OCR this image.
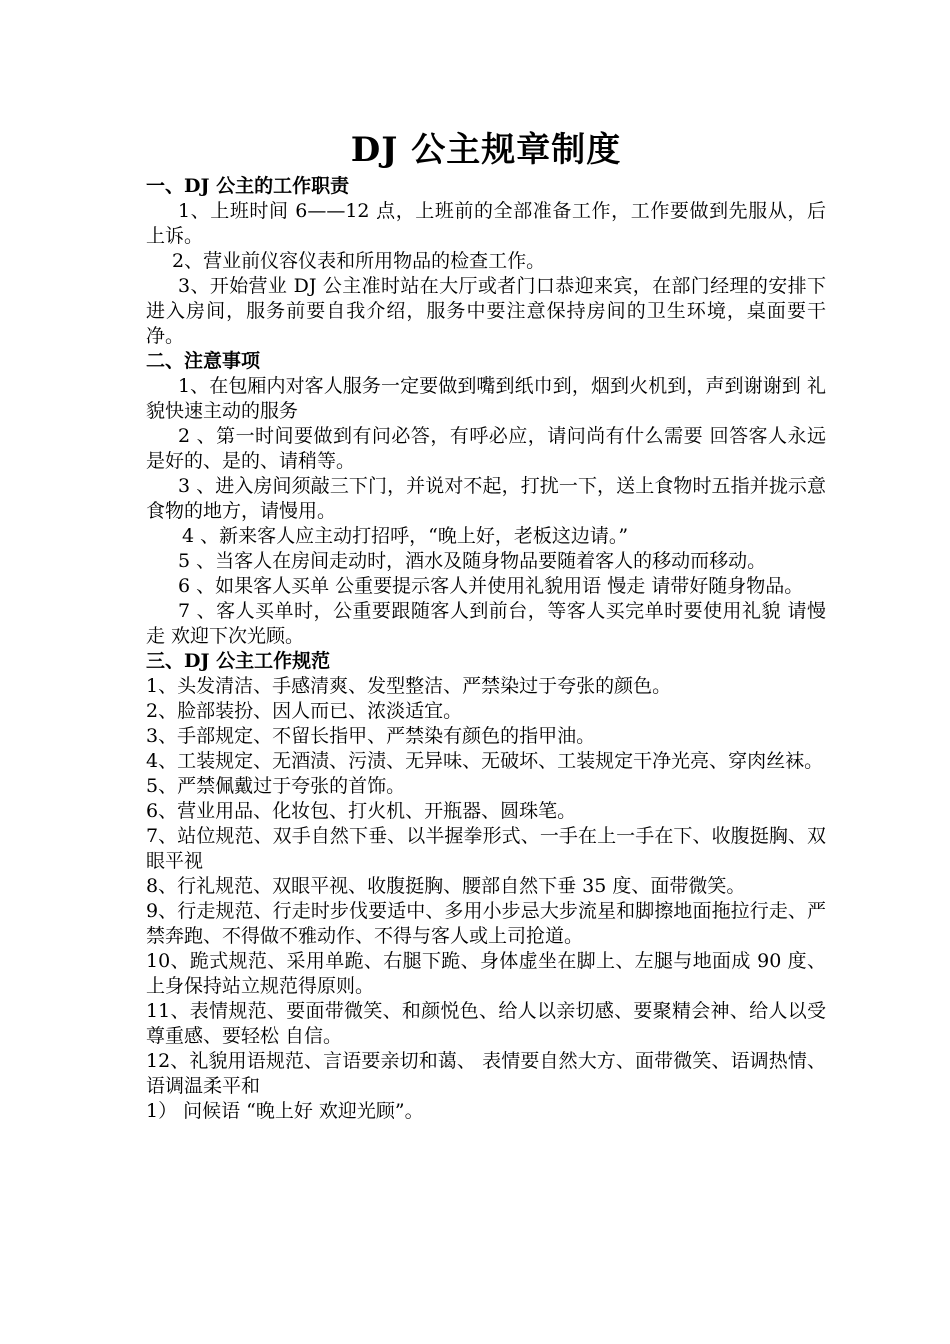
DJ 公主规章制度

一、DJ 公主的工作职责

1、上班时间 6——12 点，上班前的全部准备工作，工作要做到先服从，后上诉。

2、营业前仪容仪表和所用物品的检查工作。

3、开始营业 DJ 公主准时站在大厅或者门口恭迎来宾，在部门经理的安排下进入房间，服务前要自我介绍，服务中要注意保持房间的卫生环境，桌面要干净。

二、注意事项

1、在包厢内对客人服务一定要做到嘴到纸巾到，烟到火机到，声到谢谢到 礼貌快速主动的服务

2 、第一时间要做到有问必答，有呼必应，请问尚有什么需要 回答客人永远是好的、是的、请稍等。

3 、进入房间须敲三下门，并说对不起，打扰一下，送上食物时五指并拢示意食物的地方，请慢用。

4 、新来客人应主动打招呼，“晚上好，老板这边请。”

5 、当客人在房间走动时，酒水及随身物品要随着客人的移动而移动。

6 、如果客人买单 公重要提示客人并使用礼貌用语 慢走 请带好随身物品。

7 、客人买单时，公重要跟随客人到前台，等客人买完单时要使用礼貌 请慢走 欢迎下次光顾。

三、DJ 公主工作规范

1、头发清洁、手感清爽、发型整洁、严禁染过于夸张的颜色。

2、脸部装扮、因人而已、浓淡适宜。

3、手部规定、不留长指甲、严禁染有颜色的指甲油。

4、工装规定、无酒渍、污渍、无异味、无破坏、工装规定干净光亮、穿肉丝袜。

5、严禁佩戴过于夸张的首饰。

6、营业用品、化妆包、打火机、开瓶器、圆珠笔。

7、站位规范、双手自然下垂、以半握拳形式、一手在上一手在下、收腹挺胸、双眼平视

8、行礼规范、双眼平视、收腹挺胸、腰部自然下垂 35 度、面带微笑。

9、行走规范、行走时步伐要适中、多用小步忌大步流星和脚擦地面拖拉行走、严禁奔跑、不得做不雅动作、不得与客人或上司抢道。

10、跪式规范、采用单跪、右腿下跪、身体虚坐在脚上、左腿与地面成 90 度、上身保持站立规范得原则。

11、表情规范、要面带微笑、和颜悦色、给人以亲切感、要聚精会神、给人以受尊重感、要轻松 自信。

12、礼貌用语规范、言语要亲切和蔼、 表情要自然大方、面带微笑、语调热情、语调温柔平和

1） 问候语 “晚上好 欢迎光顾”。
